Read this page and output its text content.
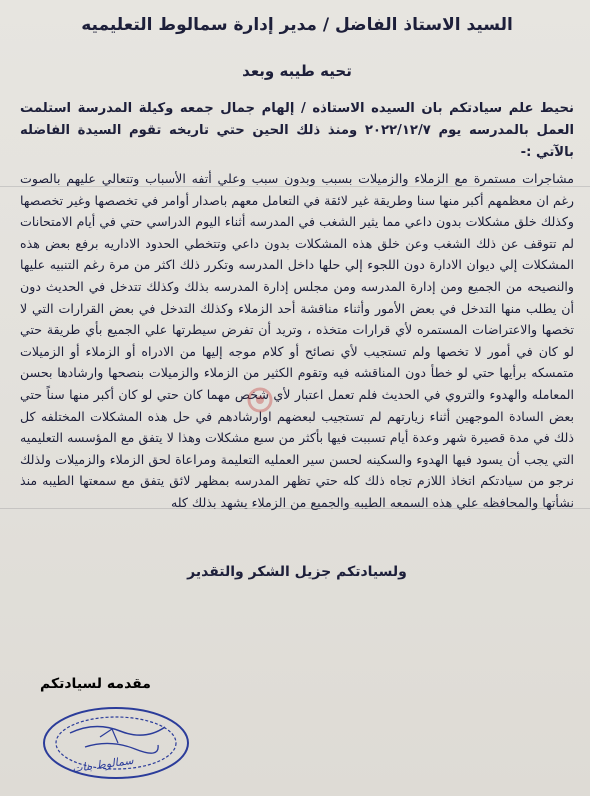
السيد الاستاذ الفاضل / مدير إدارة سمالوط التعليميه
تحيه طيبه وبعد
نحيط علم سيادتكم بان السيده الاستاذه / إلهام جمال جمعه وكيلة المدرسة استلمت العمل بالمدرسه يوم ٢٠٢٢/١٢/٧ ومنذ ذلك الحين حتي تاريخه تقوم السيدة الفاضله بالآتي :-
مشاجرات مستمرة مع الزملاء والزميلات بسبب وبدون سبب وعلي أتفه الأسباب وتتعالي عليهم بالصوت رغم ان معظمهم أكبر منها سنا وطريقة غير لائقة في التعامل معهم باصدار أوامر في تخصصها وغير تخصصها وكذلك خلق مشكلات بدون داعي مما يثير الشغب في المدرسه أثناء اليوم الدراسي حتي في أيام الامتحانات لم تتوقف عن ذلك الشغب وعن خلق هذه المشكلات بدون داعي وتتخطي الحدود الاداريه برفع بعض هذه المشكلات إلي ديوان الادارة دون اللجوء إلي حلها داخل المدرسه وتكرر ذلك اكثر من مرة رغم التنبيه عليها والنصيحه من الجميع ومن إدارة المدرسه ومن مجلس إدارة المدرسه بذلك وكذلك تتدخل في الحديث دون أن يطلب منها التدخل في بعض الأمور وأثناء مناقشة أحد الزملاء وكذلك التدخل في بعض القرارات التي لا تخصها والاعتراضات المستمره لأي قرارات متخذه ، وتريد أن تفرض سيطرتها علي الجميع بأي طريقة حتي لو كان في أمور لا تخصها ولم تستجيب لأي نصائح أو كلام موجه إليها من الادراه أو الزملاء أو الزميلات متمسكه برأيها حتي لو خطأ دون المناقشه فيه وتقوم الكثير من الزملاء والزميلات بنصحها وارشادها بحسن المعامله والهدوء والتروي في الحديث فلم تعمل اعتبار لأي شخص مهما كان حتي لو كان أكبر منها سناً حتي بعض السادة الموجهين أثناء زيارتهم لم تستجيب لبعضهم اوارشادهم في حل هذه المشكلات المختلفه كل ذلك في مدة قصيرة شهر وعدة أيام تسببت فيها بأكثر من سبع مشكلات وهذا لا يتفق مع المؤسسه التعليميه التي يجب أن يسود فيها الهدوء والسكينه لحسن سير العمليه التعليمة ومراعاة لحق الزملاء والزميلات ولذلك نرجو من سيادتكم اتخاذ اللازم تجاه ذلك كله حتي تظهر المدرسه بمظهر لائق يتفق مع سمعتها الطيبه منذ نشأتها والمحافظه علي هذه السمعه الطيبه والجميع من الزملاء يشهد بذلك كله
ولسيادتكم جزيل الشكر والتقدير
مقدمه لسيادتكم
سمالوط بنات
